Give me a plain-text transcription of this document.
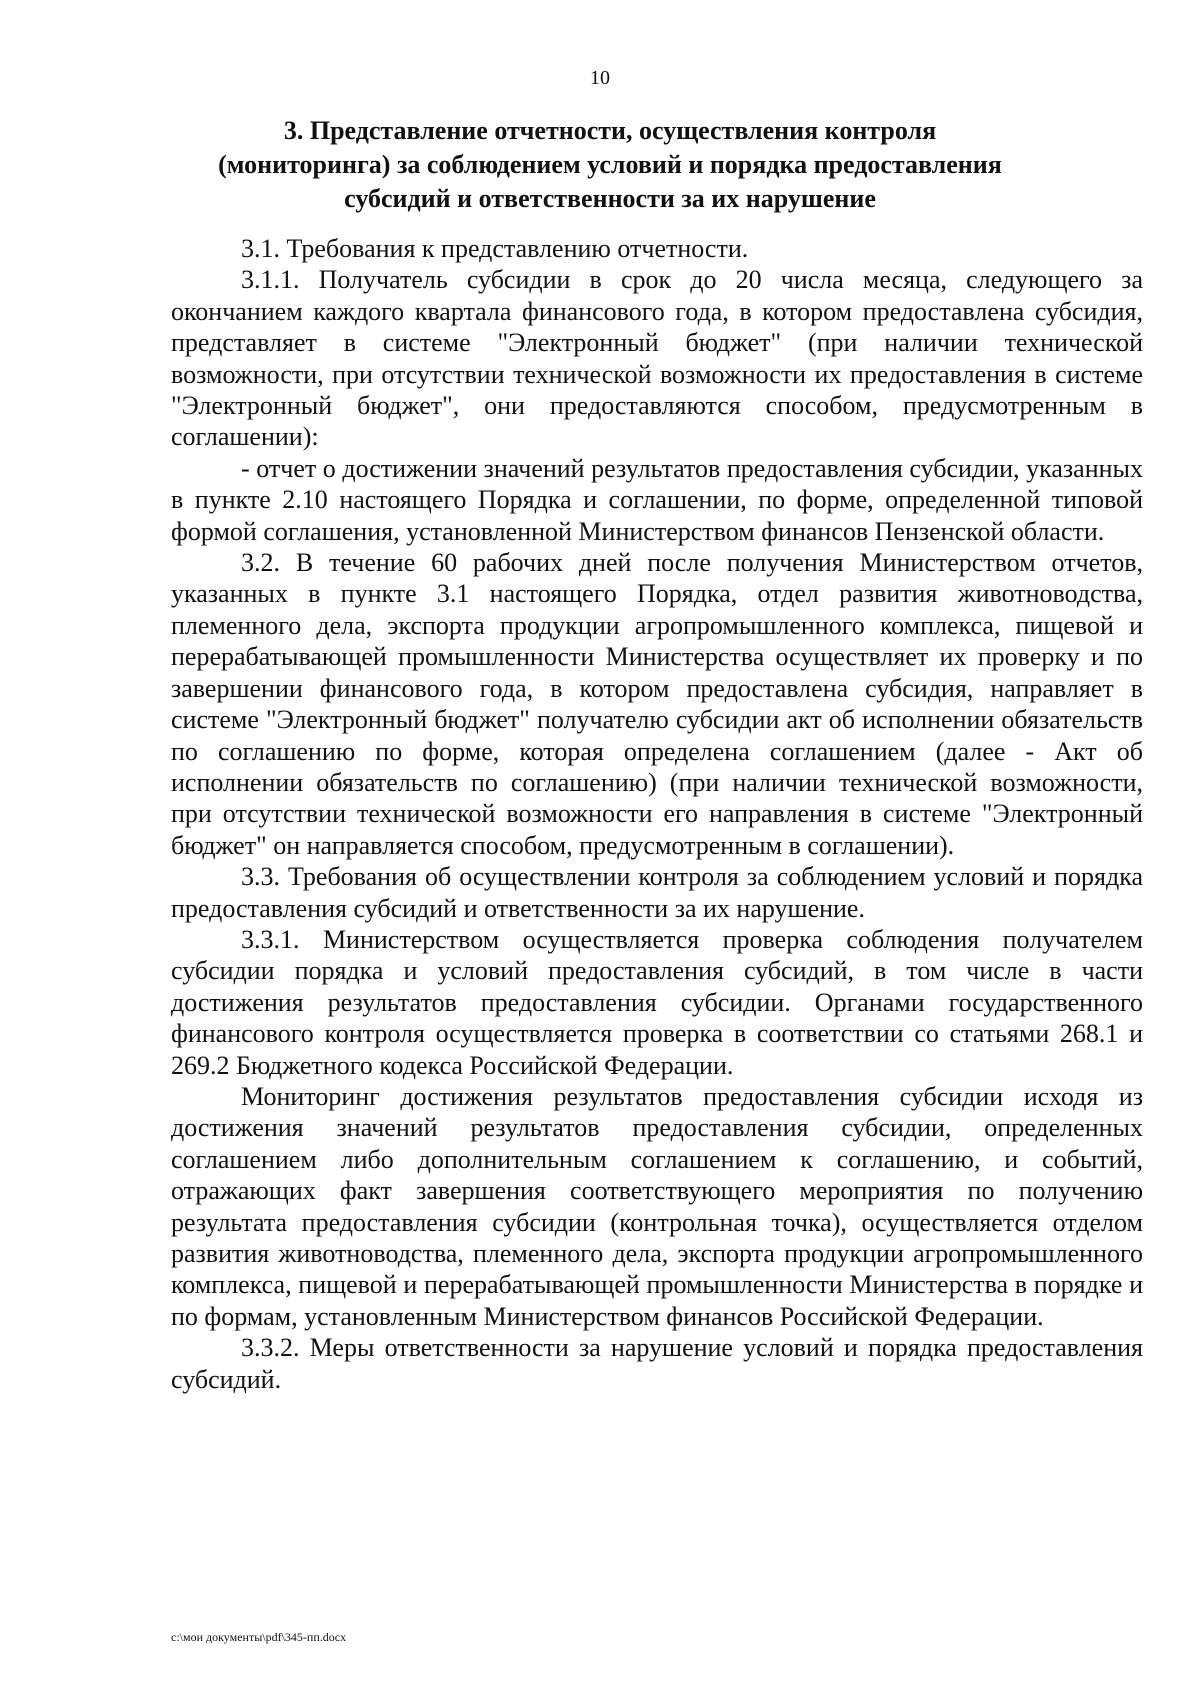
10
3. Представление отчетности, осуществления контроля
(мониторинга) за соблюдением условий и порядка предоставления
субсидий и ответственности за их нарушение

3.1. Требования к представлению отчетности.

3.1.1. Получатель субсидии в срок до 20 числа месяца, следующего за окончанием каждого квартала финансового года, в котором предоставлена субсидия, представляет в системе "Электронный бюджет" (при наличии технической возможности, при отсутствии технической возможности их предоставления в системе "Электронный бюджет", они предоставляются способом, предусмотренным в соглашении):

- отчет о достижении значений результатов предоставления субсидии, указанных в пункте 2.10 настоящего Порядка и соглашении, по форме, определенной типовой формой соглашения, установленной Министерством финансов Пензенской области.

3.2. В течение 60 рабочих дней после получения Министерством отчетов, указанных в пункте 3.1 настоящего Порядка, отдел развития животноводства, племенного дела, экспорта продукции агропромышленного комплекса, пищевой и перерабатывающей промышленности Министерства осуществляет их проверку и по завершении финансового года, в котором предоставлена субсидия, направляет в системе "Электронный бюджет" получателю субсидии акт об исполнении обязательств по соглашению по форме, которая определена соглашением (далее - Акт об исполнении обязательств по соглашению) (при наличии технической возможности, при отсутствии технической возможности его направления в системе "Электронный бюджет" он направляется способом, предусмотренным в соглашении).

3.3. Требования об осуществлении контроля за соблюдением условий и порядка предоставления субсидий и ответственности за их нарушение.

3.3.1. Министерством осуществляется проверка соблюдения получателем субсидии порядка и условий предоставления субсидий, в том числе в части достижения результатов предоставления субсидии. Органами государственного финансового контроля осуществляется проверка в соответствии со статьями 268.1 и 269.2 Бюджетного кодекса Российской Федерации.

Мониторинг достижения результатов предоставления субсидии исходя из достижения значений результатов предоставления субсидии, определенных соглашением либо дополнительным соглашением к соглашению, и событий, отражающих факт завершения соответствующего мероприятия по получению результата предоставления субсидии (контрольная точка), осуществляется отделом развития животноводства, племенного дела, экспорта продукции агропромышленного комплекса, пищевой и перерабатывающей промышленности Министерства в порядке и по формам, установленным Министерством финансов Российской Федерации.

3.3.2. Меры ответственности за нарушение условий и порядка предоставления субсидий.

c:\мои документы\pdf\345-пп.docx
